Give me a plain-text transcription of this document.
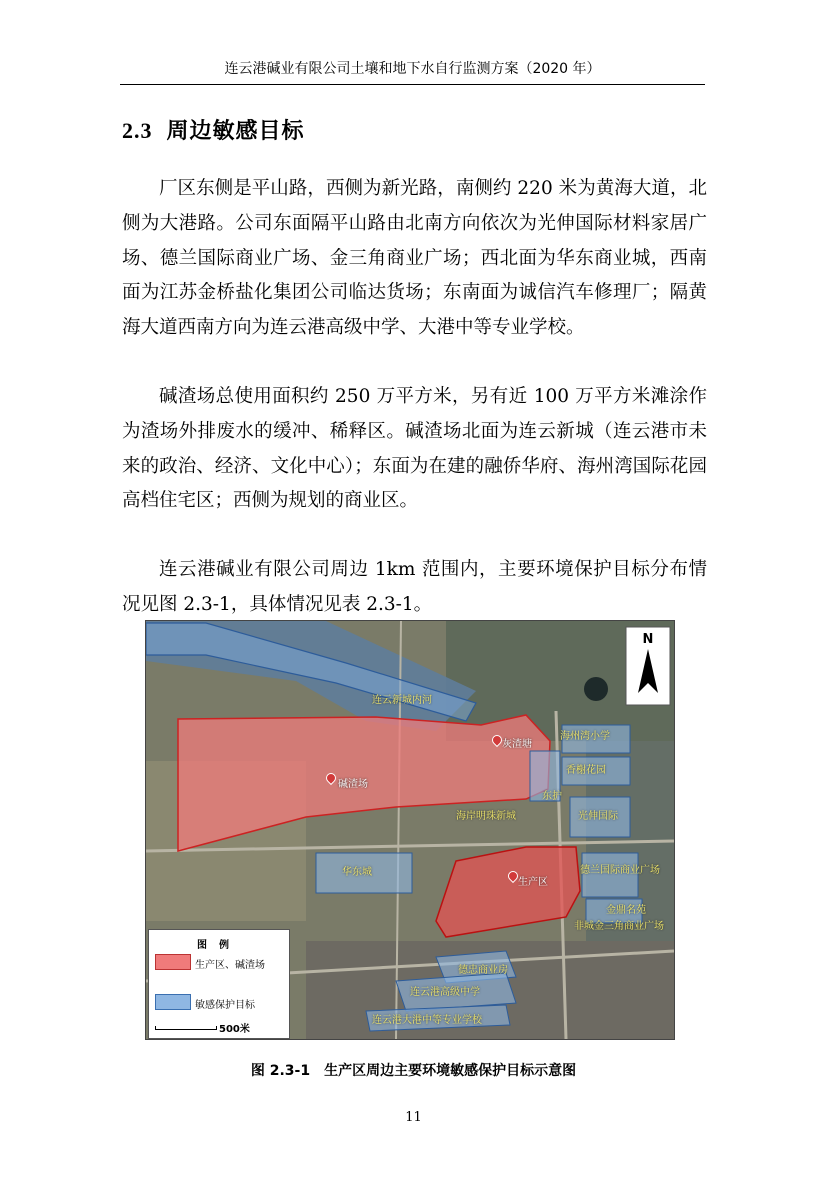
连云港碱业有限公司土壤和地下水自行监测方案（2020 年）
2.3 周边敏感目标

厂区东侧是平山路，西侧为新光路，南侧约 220 米为黄海大道，北侧为大港路。公司东面隔平山路由北南方向依次为光伸国际材料家居广场、德兰国际商业广场、金三角商业广场；西北面为华东商业城，西南面为江苏金桥盐化集团公司临达货场；东南面为诚信汽车修理厂；隔黄海大道西南方向为连云港高级中学、大港中等专业学校。

碱渣场总使用面积约 250 万平方米，另有近 100 万平方米滩涂作为渣场外排废水的缓冲、稀释区。碱渣场北面为连云新城（连云港市未来的政治、经济、文化中心）；东面为在建的融侨华府、海州湾国际花园高档住宅区；西侧为规划的商业区。

连云港碱业有限公司周边 1km 范围内，主要环境保护目标分布情况见图 2.3-1，具体情况见表 2.3-1。

N
连云新城内河
灰渣塘
碱渣场
海州湾小学
香榭花园
海岸明珠新城
东护
光伸国际
华东城
生产区
德兰国际商业广场
金鼎名苑
非城金三角商业广场
德忠商业房
连云港高级中学
连云港大港中等专业学校
图例
生产区、碱渣场
敏感保护目标
500米
图 2.3-1　生产区周边主要环境敏感保护目标示意图
11
